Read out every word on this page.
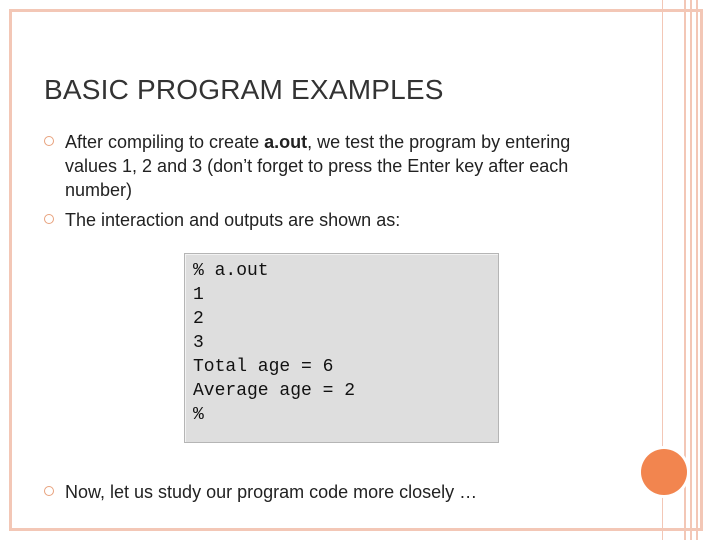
BASIC PROGRAM EXAMPLES
After compiling to create a.out, we test the program by entering values 1, 2 and 3 (don’t forget to press the Enter key after each number)
The interaction and outputs are shown as:
% a.out
1
2
3
Total age = 6
Average age = 2
%
Now, let us study our program code more closely …
